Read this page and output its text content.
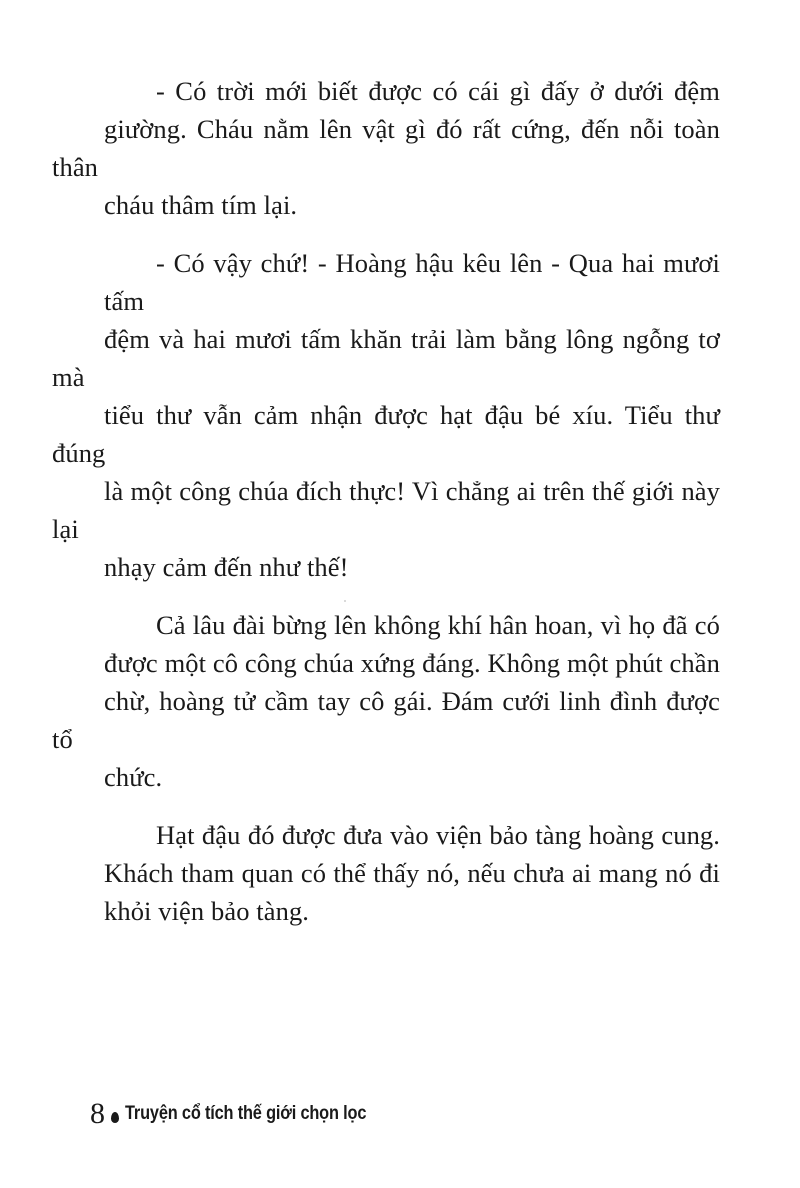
- Có trời mới biết được có cái gì đấy ở dưới đệm
giường. Cháu nằm lên vật gì đó rất cứng, đến nỗi toàn thân
cháu thâm tím lại.

- Có vậy chứ! - Hoàng hậu kêu lên - Qua hai mươi tấm
đệm và hai mươi tấm khăn trải làm bằng lông ngỗng tơ mà
tiểu thư vẫn cảm nhận được hạt đậu bé xíu. Tiểu thư đúng
là một công chúa đích thực! Vì chẳng ai trên thế giới này lại
nhạy cảm đến như thế!

Cả lâu đài bừng lên không khí hân hoan, vì họ đã có
được một cô công chúa xứng đáng. Không một phút chần
chừ, hoàng tử cầm tay cô gái. Đám cưới linh đình được tổ
chức.

Hạt đậu đó được đưa vào viện bảo tàng hoàng cung.
Khách tham quan có thể thấy nó, nếu chưa ai mang nó đi
khỏi viện bảo tàng.

8 Truyện cổ tích thế giới chọn lọc
